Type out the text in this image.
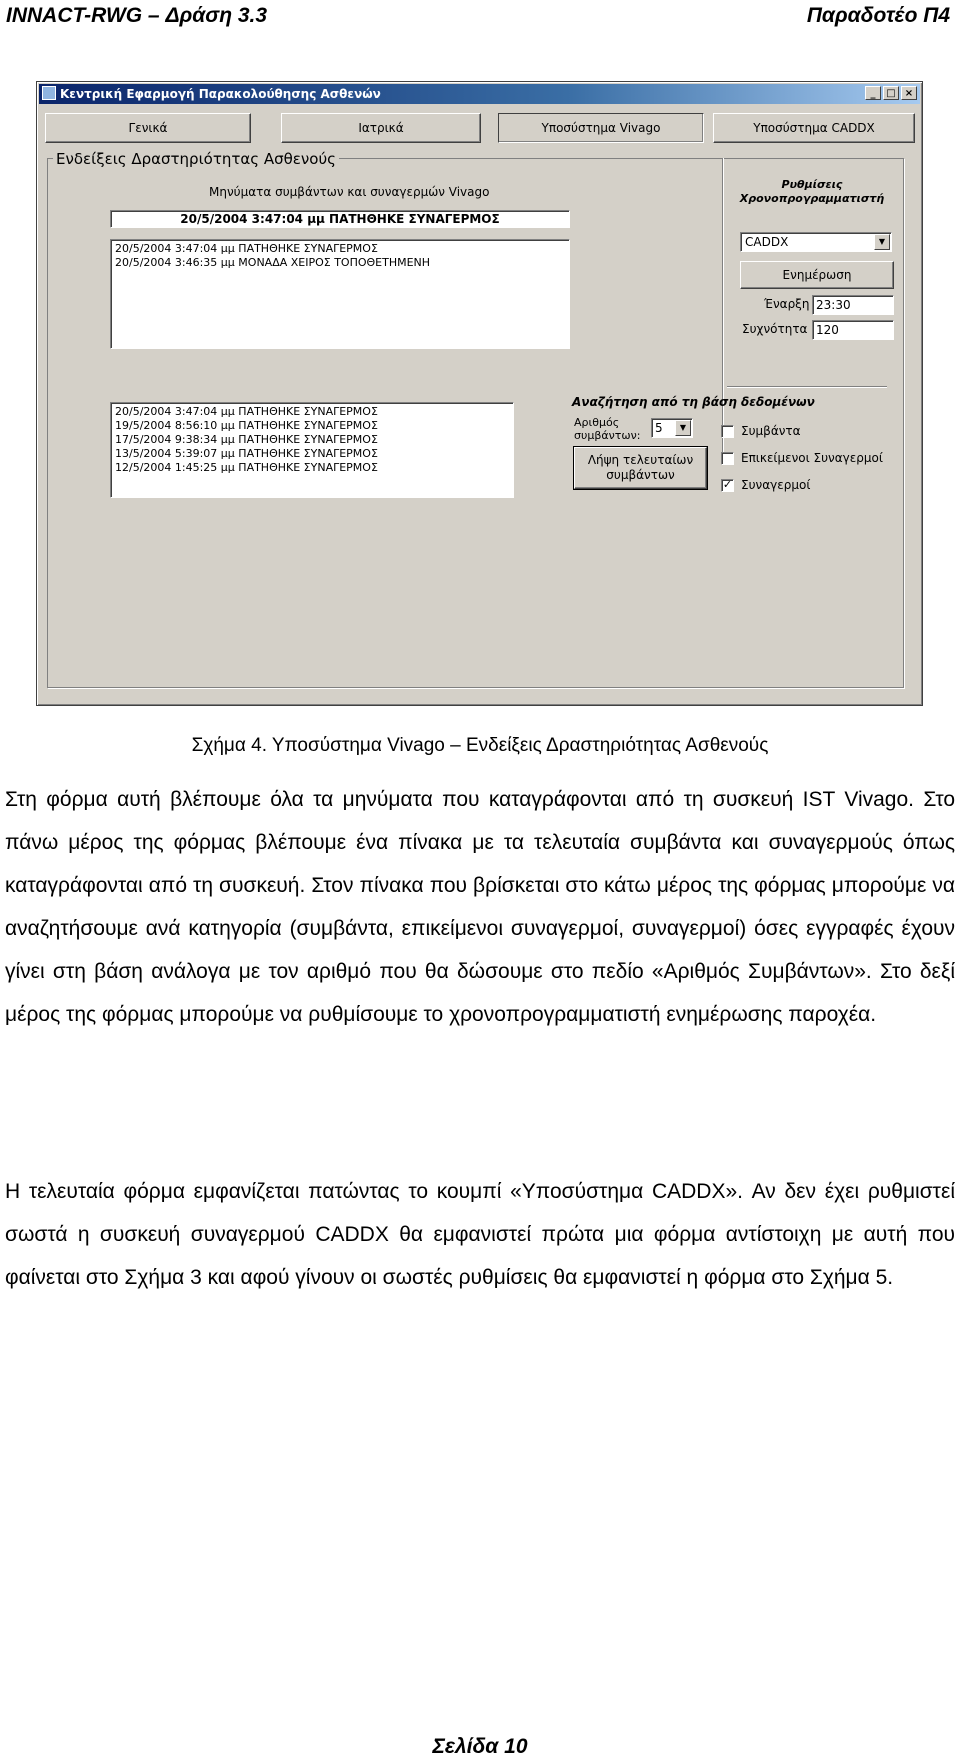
INNACT-RWG – Δράση 3.3	Παραδοτέο Π4
Κεντρική Εφαρμογή Παρακολούθησης Ασθενών	_	□ ×
Γενικά	Ιατρικά	Υποσύστημα Vivago	Υποσύστημα CADDX
Ενδείξεις Δραστηριότητας Ασθενούς
Μηνύματα συμβάντων και συναγερμών Vivago
20/5/2004 3:47:04 μμ ΠΑΤΗΘΗΚΕ ΣΥΝΑΓΕΡΜΟΣ
20/5/2004 3:47:04 μμ ΠΑΤΗΘΗΚΕ ΣΥΝΑΓΕΡΜΟΣ
20/5/2004 3:46:35 μμ ΜΟΝΑΔΑ ΧΕΙΡΟΣ ΤΟΠΟΘΕΤΗΜΕΝΗ
20/5/2004 3:47:04 μμ ΠΑΤΗΘΗΚΕ ΣΥΝΑΓΕΡΜΟΣ
19/5/2004 8:56:10 μμ ΠΑΤΗΘΗΚΕ ΣΥΝΑΓΕΡΜΟΣ
17/5/2004 9:38:34 μμ ΠΑΤΗΘΗΚΕ ΣΥΝΑΓΕΡΜΟΣ
13/5/2004 5:39:07 μμ ΠΑΤΗΘΗΚΕ ΣΥΝΑΓΕΡΜΟΣ
12/5/2004 1:45:25 μμ ΠΑΤΗΘΗΚΕ ΣΥΝΑΓΕΡΜΟΣ
Ρυθμίσεις
Χρονοπρογραμματιστή
CADDX	▼
Ενημέρωση
Έναρξη 23:30
Συχνότητα 120
Αναζήτηση από τη βάση δεδομένων
Αριθμός
συμβάντων:
5	▼
Λήψη τελευταίων
συμβάντων
Συμβάντα
Επικείμενοι Συναγερμοί
✓ Συναγερμοί
Σχήμα 4. Υποσύστημα Vivago – Ενδείξεις Δραστηριότητας Ασθενούς

Στη φόρμα αυτή βλέπουμε όλα τα μηνύματα που καταγράφονται από τη συσκευή IST Vivago. Στο πάνω μέρος της φόρμας βλέπουμε ένα πίνακα με τα τελευταία συμβάντα και συναγερμούς όπως καταγράφονται από τη συσκευή. Στον πίνακα που βρίσκεται στο κάτω μέρος της φόρμας μπορούμε να αναζητήσουμε ανά κατηγορία (συμβάντα, επικείμενοι συναγερμοί, συναγερμοί) όσες εγγραφές έχουν γίνει στη βάση ανάλογα με τον αριθμό που θα δώσουμε στο πεδίο «Αριθμός Συμβάντων». Στο δεξί μέρος της φόρμας μπορούμε να ρυθμίσουμε το χρονοπρογραμματιστή ενημέρωσης παροχέα.

Η τελευταία φόρμα εμφανίζεται πατώντας το κουμπί «Υποσύστημα CADDX». Αν δεν έχει ρυθμιστεί σωστά η συσκευή συναγερμού CADDX θα εμφανιστεί πρώτα μια φόρμα αντίστοιχη με αυτή που φαίνεται στο Σχήμα 3 και αφού γίνουν οι σωστές ρυθμίσεις θα εμφανιστεί η φόρμα στο Σχήμα 5.

Σελίδα 10
